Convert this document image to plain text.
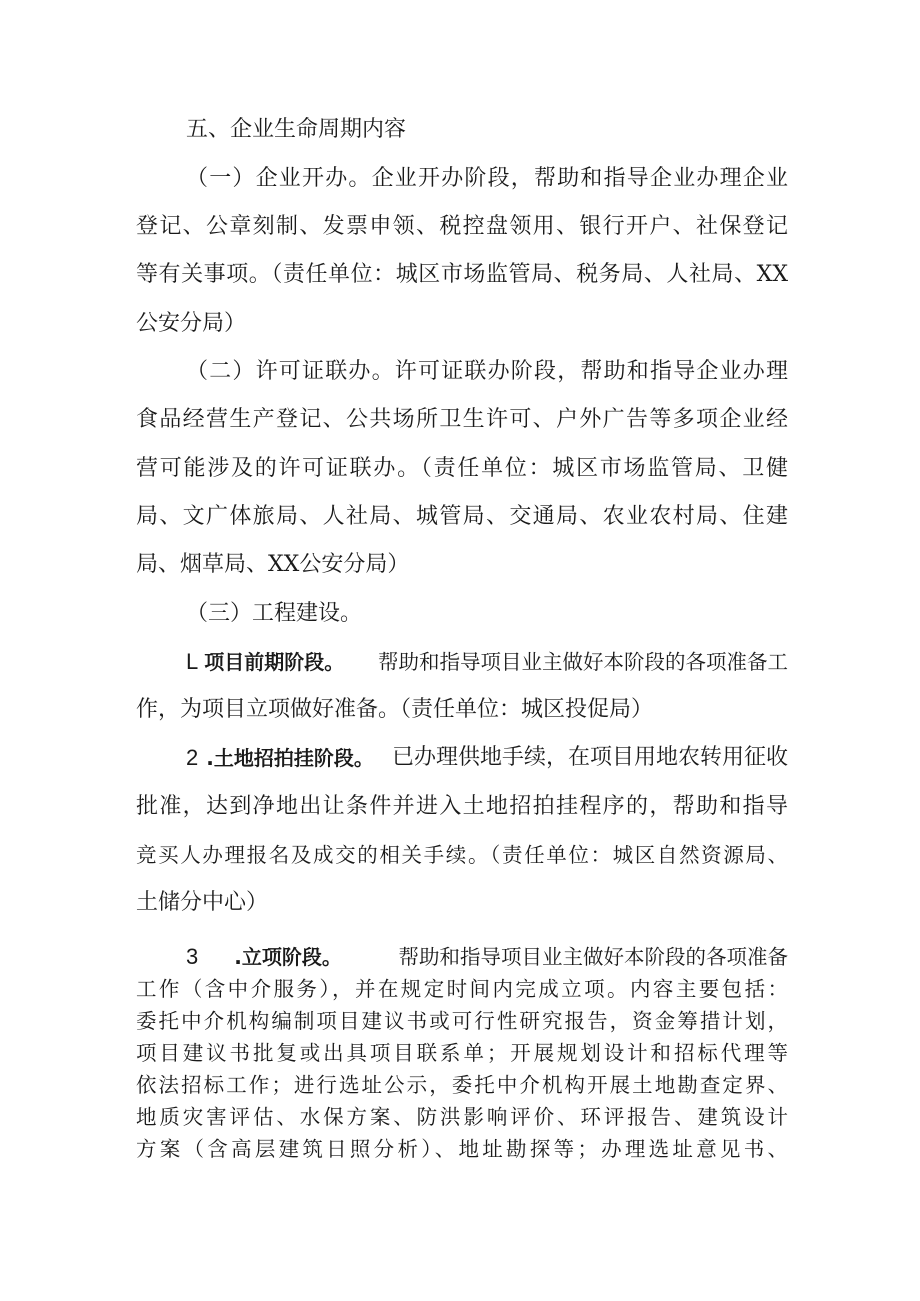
五、企业生命周期内容

（一）企业开办。企业开办阶段，帮助和指导企业办理企业

登记、公章刻制、发票申领、税控盘领用、银行开户、社保登记

等有关事项。（责任单位：城区市场监管局、税务局、人社局、XX

公安分局）

（二）许可证联办。许可证联办阶段，帮助和指导企业办理

食品经营生产登记、公共场所卫生许可、户外广告等多项企业经

营可能涉及的许可证联办。（责任单位：城区市场监管局、卫健

局、文广体旅局、人社局、城管局、交通局、农业农村局、住建

局、烟草局、XX公安分局）

（三）工程建设。

L 项目前期阶段。 帮助和指导项目业主做好本阶段的各项准备工

作，为项目立项做好准备。（责任单位：城区投促局）

2 .土地招拍挂阶段。 已办理供地手续，在项目用地农转用征收

批准，达到净地出让条件并进入土地招拍挂程序的，帮助和指导

竞买人办理报名及成交的相关手续。（责任单位：城区自然资源局、

土储分中心）

3 .立项阶段。	帮助和指导项目业主做好本阶段的各项准备

工作（含中介服务），并在规定时间内完成立项。内容主要包括：

委托中介机构编制项目建议书或可行性研究报告，资金筹措计划，

项目建议书批复或出具项目联系单；开展规划设计和招标代理等

依法招标工作；进行选址公示，委托中介机构开展土地勘查定界、

地质灾害评估、水保方案、防洪影响评价、环评报告、建筑设计

方案（含高层建筑日照分析）、地址勘探等；办理选址意见书、
